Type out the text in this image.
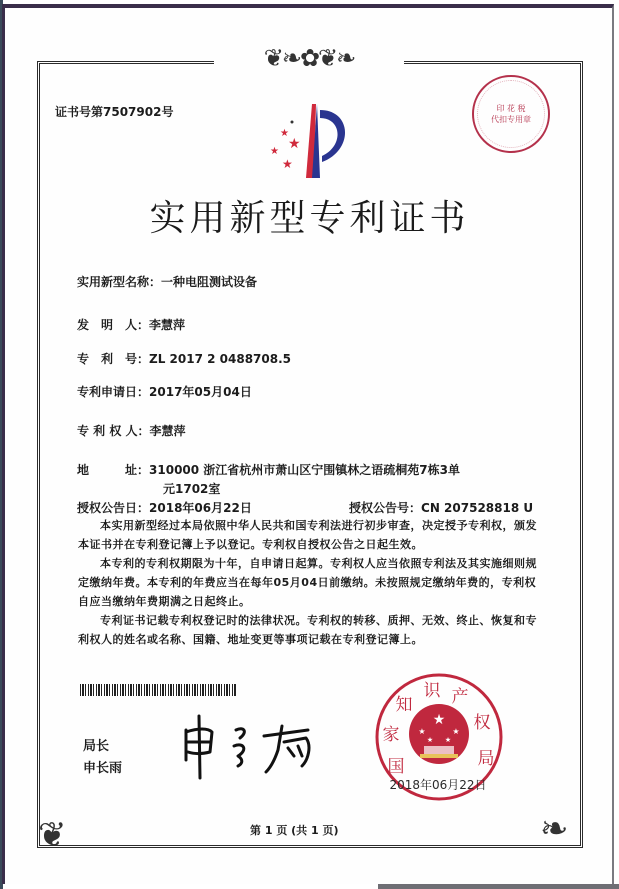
❦❧✿❦❧
❦	❧
证书号第7507902号
★
★
★
★
印 花 税
代扣专用章
实用新型专利证书
实用新型名称：一种电阻测试设备
发　明　人：李慧萍
专　利　号：ZL 2017 2 0488708.5
专利申请日：2017年05月04日
专 利 权 人：李慧萍
地　　　址：310000 浙江省杭州市萧山区宁围镇林之语疏桐苑7栋3单
元1702室
授权公告日：2018年06月22日	授权公告号：CN 207528818 U
本实用新型经过本局依照中华人民共和国专利法进行初步审查，决定授予专利权，颁发本证书并在专利登记簿上予以登记。专利权自授权公告之日起生效。
本专利的专利权期限为十年，自申请日起算。专利权人应当依照专利法及其实施细则规定缴纳年费。本专利的年费应当在每年05月04日前缴纳。未按照规定缴纳年费的，专利权自应当缴纳年费期满之日起终止。
专利证书记载专利权登记时的法律状况。专利权的转移、质押、无效、终止、恢复和专利权人的姓名或名称、国籍、地址变更等事项记载在专利登记簿上。
局长
申长雨
★
★	★
★ ★
国
家
知
识 产
权
局
2018年06月22日
第 1 页 (共 1 页)
